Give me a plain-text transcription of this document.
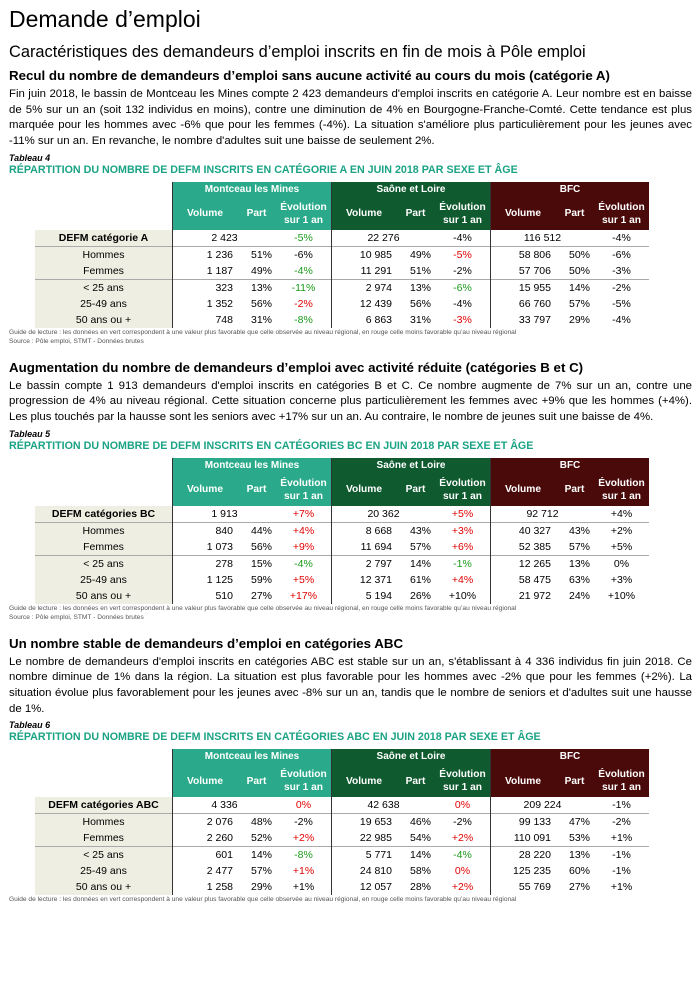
Demande d’emploi
Caractéristiques des demandeurs d’emploi inscrits en fin de mois à Pôle emploi
Recul du nombre de demandeurs d’emploi sans aucune activité au cours du mois (catégorie A)

Fin juin 2018, le bassin de Montceau les Mines compte 2 423 demandeurs d'emploi inscrits en catégorie A. Leur nombre est en baisse de 5% sur un an (soit 132 individus en moins), contre une diminution de 4% en Bourgogne-Franche-Comté. Cette tendance est plus marquée pour les hommes avec -6% que pour les femmes (-4%). La situation s'améliore plus particulièrement pour les jeunes avec -11% sur un an. En revanche, le nombre d'adultes suit une baisse de seulement 2%.

Tableau 4
RÉPARTITION DU NOMBRE DE DEFM INSCRITS EN CATÉGORIE A EN JUIN 2018 PAR SEXE ET ÂGE
	Montceau les Mines			Saône et Loire			BFC		
	Volume	Part	Évolution sur 1 an	Volume	Part	Évolution sur 1 an	Volume	Part	Évolution sur 1 an
DEFM catégorie A	2 423		-5%	22 276		-4%	116 512		-4%
Hommes	1 236	51%	-6%	10 985	49%	-5%	58 806	50%	-6%
Femmes	1 187	49%	-4%	11 291	51%	-2%	57 706	50%	-3%
< 25 ans	323	13%	-11%	2 974	13%	-6%	15 955	14%	-2%
25-49 ans	1 352	56%	-2%	12 439	56%	-4%	66 760	57%	-5%
50 ans ou +	748	31%	-8%	6 863	31%	-3%	33 797	29%	-4%
Guide de lecture : les données en vert correspondent à une valeur plus favorable que celle observée au niveau régional, en rouge celle moins favorable qu’au niveau régional
Source : Pôle emploi, STMT - Données brutes
Augmentation du nombre de demandeurs d’emploi avec activité réduite (catégories B et C)

Le bassin compte 1 913 demandeurs d'emploi inscrits en catégories B et C. Ce nombre augmente de 7% sur un an, contre une progression de 4% au niveau régional. Cette situation concerne plus particulièrement les femmes avec +9% que les hommes (+4%). Les plus touchés par la hausse sont les seniors avec +17% sur un an. Au contraire, le nombre de jeunes suit une baisse de 4%.

Tableau 5
RÉPARTITION DU NOMBRE DE DEFM INSCRITS EN CATÉGORIES BC EN JUIN 2018 PAR SEXE ET ÂGE
	Montceau les Mines			Saône et Loire			BFC		
	Volume	Part	Évolution sur 1 an	Volume	Part	Évolution sur 1 an	Volume	Part	Évolution sur 1 an
DEFM catégories BC	1 913		+7%	20 362		+5%	92 712		+4%
Hommes	840	44%	+4%	8 668	43%	+3%	40 327	43%	+2%
Femmes	1 073	56%	+9%	11 694	57%	+6%	52 385	57%	+5%
< 25 ans	278	15%	-4%	2 797	14%	-1%	12 265	13%	0%
25-49 ans	1 125	59%	+5%	12 371	61%	+4%	58 475	63%	+3%
50 ans ou +	510	27%	+17%	5 194	26%	+10%	21 972	24%	+10%
Guide de lecture : les données en vert correspondent à une valeur plus favorable que celle observée au niveau régional, en rouge celle moins favorable qu’au niveau régional
Source : Pôle emploi, STMT - Données brutes
Un nombre stable de demandeurs d’emploi en catégories ABC

Le nombre de demandeurs d'emploi inscrits en catégories ABC est stable sur un an, s'établissant à 4 336 individus fin juin 2018. Ce nombre diminue de 1% dans la région. La situation est plus favorable pour les hommes avec -2% que pour les femmes (+2%). La situation évolue plus favorablement pour les jeunes avec -8% sur un an, tandis que le nombre de seniors et d'adultes suit une hausse de 1%.

Tableau 6
RÉPARTITION DU NOMBRE DE DEFM INSCRITS EN CATÉGORIES ABC EN JUIN 2018 PAR SEXE ET ÂGE
	Montceau les Mines			Saône et Loire			BFC		
	Volume	Part	Évolution sur 1 an	Volume	Part	Évolution sur 1 an	Volume	Part	Évolution sur 1 an
DEFM catégories ABC	4 336		0%	42 638		0%	209 224		-1%
Hommes	2 076	48%	-2%	19 653	46%	-2%	99 133	47%	-2%
Femmes	2 260	52%	+2%	22 985	54%	+2%	110 091	53%	+1%
< 25 ans	601	14%	-8%	5 771	14%	-4%	28 220	13%	-1%
25-49 ans	2 477	57%	+1%	24 810	58%	0%	125 235	60%	-1%
50 ans ou +	1 258	29%	+1%	12 057	28%	+2%	55 769	27%	+1%
Guide de lecture : les données en vert correspondent à une valeur plus favorable que celle observée au niveau régional, en rouge celle moins favorable qu’au niveau régional
